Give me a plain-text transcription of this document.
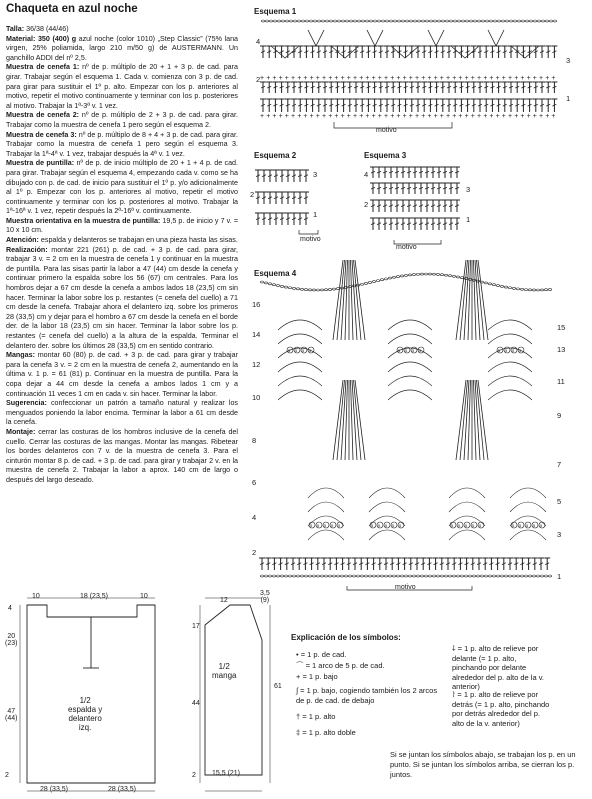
Chaqueta en azul noche

Talla: 36/38 (44/46)

Material: 350 (400) g azul noche (color 1010) „Step Classic” (75% lana virgen, 25% poliamida, largo 210 m/50 g) de AUSTERMANN. Un ganchillo ADDI del nº 2,5.

Muestra de cenefa 1: nº de p. múltiplo de 20 + 1 + 3 p. de cad. para girar. Trabajar según el esquema 1. Cada v. comienza con 3 p. de cad. para girar para sustituir el 1º p. alto. Empezar con los p. anteriores al motivo, repetir el motivo continuamente y terminar con los p. posteriores al motivo. Trabajar la 1ª-3ª v. 1 vez.

Muestra de cenefa 2: nº de p. múltiplo de 2 + 3 p. de cad. para girar. Trabajar como la muestra de cenefa 1 pero según el esquema 2.

Muestra de cenefa 3: nº de p. múltiplo de 8 + 4 + 3 p. de cad. para girar. Trabajar como la muestra de cenefa 1 pero según el esquema 3. Trabajar la 1ª-4ª v. 1 vez, trabajar después la 4ª v. 1 vez.

Muestra de puntilla: nº de p. de inicio múltiplo de 20 + 1 + 4 p. de cad. para girar. Trabajar según el esquema 4, empezando cada v. como se ha dibujado con p. de cad. de inicio para sustituir el 1º p. y/o adicionalmente al 1º p. Empezar con los p. anteriores al motivo, repetir el motivo continuamente y terminar con los p. posteriores al motivo. Trabajar la 1ª-16ª v. 1 vez, repetir después la 2ª-16ª v. continuamente.

Muestra orientativa en la muestra de puntilla: 19,5 p. de inicio y 7 v. = 10 x 10 cm.

Atención: espalda y delanteros se trabajan en una pieza hasta las sisas.

Realización: montar 221 (261) p. de cad. + 3 p. de cad. para girar, trabajar 3 v. = 2 cm en la muestra de cenefa 1 y continuar en la muestra de puntilla. Para las sisas partir la labor a 47 (44) cm desde la cenefa y continuar primero la espalda sobre los 56 (67) cm centrales. Para los hombros dejar a 67 cm desde la cenefa a ambos lados 18 (23,5) cm sin hacer. Terminar la labor sobre los p. restantes (= cenefa del cuello) a 71 cm desde la cenefa. Trabajar ahora el delantero izq. sobre los primeros 28 (33,5) cm y dejar para el hombro a 67 cm desde la cenefa en el borde der. de la labor 18 (23,5) cm sin hacer. Terminar la labor sobre los p. restantes (= cenefa del cuello) a la altura de la espalda. Terminar el delantero der. sobre los últimos 28 (33,5) cm en sentido contrario.

Mangas: montar 60 (80) p. de cad. + 3 p. de cad. para girar y trabajar para la cenefa 3 v. = 2 cm en la muestra de cenefa 2, aumentando en la última v. 1 p. = 61 (81) p. Continuar en la muestra de puntilla. Para la copa dejar a 44 cm desde la cenefa a ambos lados 1 cm y a continuación 11 veces 1 cm en cada v. sin hacer. Terminar la labor.

Sugerencia: confeccionar un patrón a tamaño natural y realizar los menguados poniendo la labor encima. Terminar la labor a 61 cm desde la cenefa.

Montaje: cerrar las costuras de los hombros inclusive de la cenefa del cuello. Cerrar las costuras de las mangas. Montar las mangas. Ribetear los bordes delanteros con 7 v. de la muestra de cenefa 3. Para el cinturón montar 8 p. de cad. + 3 p. de cad. para girar y trabajar 2 v. en la muestra de cenefa 2. Trabajar la labor a aprox. 140 cm de largo o después del largo deseado.

Esquema 1
Esquema 2	Esquema 3
Esquema 4
+ + + + + + + + + + + + + + + + + + + + + + + + + + + + + + + + + + + + + + + + + + + + + + + +
+ + + + + + + + + + + + + + + + + + + + + + + + + + + + + + + + + + + + + + + + + + + + + + + +
5 5 5 5 5	5 5 5 5 5	5 5 5 5 5	5 5 5 5 5
5 5 5 5	5 5 5 5	5 5 5 5
motivo
motivo
motivo
motivo
4
2
3
1
3
2
1
4
3
2
1
2
4
6
8
10
12
14
16
1
3
5
7
9
11
13
15
10	18 (23,5)	10
4
20
(23)
47
(44)
2
28 (33,5)	28 (33,5)
1/2
espalda y
delantero
izq.
12
3,5
(9)
17
44
2
61
15,5 (21)
1/2
manga
Explicación de los símbolos:
• = 1 p. de cad.
⌒ = 1 arco de 5 p. de cad.
+ = 1 p. bajo
∫ = 1 p. bajo, cogiendo también los 2 arcos de p. de cad. de debajo
† = 1 p. alto
‡ = 1 p. alto doble
⸸ = 1 p. alto de relieve por delante (= 1 p. alto, pinchando por delante alrededor del p. alto de la v. anterior)
⸷ = 1 p. alto de relieve por detrás (= 1 p. alto, pinchando por detrás alrededor del p. alto de la v. anterior)
Si se juntan los símbolos abajo, se trabajan los p. en un punto. Si se juntan los símbolos arriba, se cierran los p. juntos.
